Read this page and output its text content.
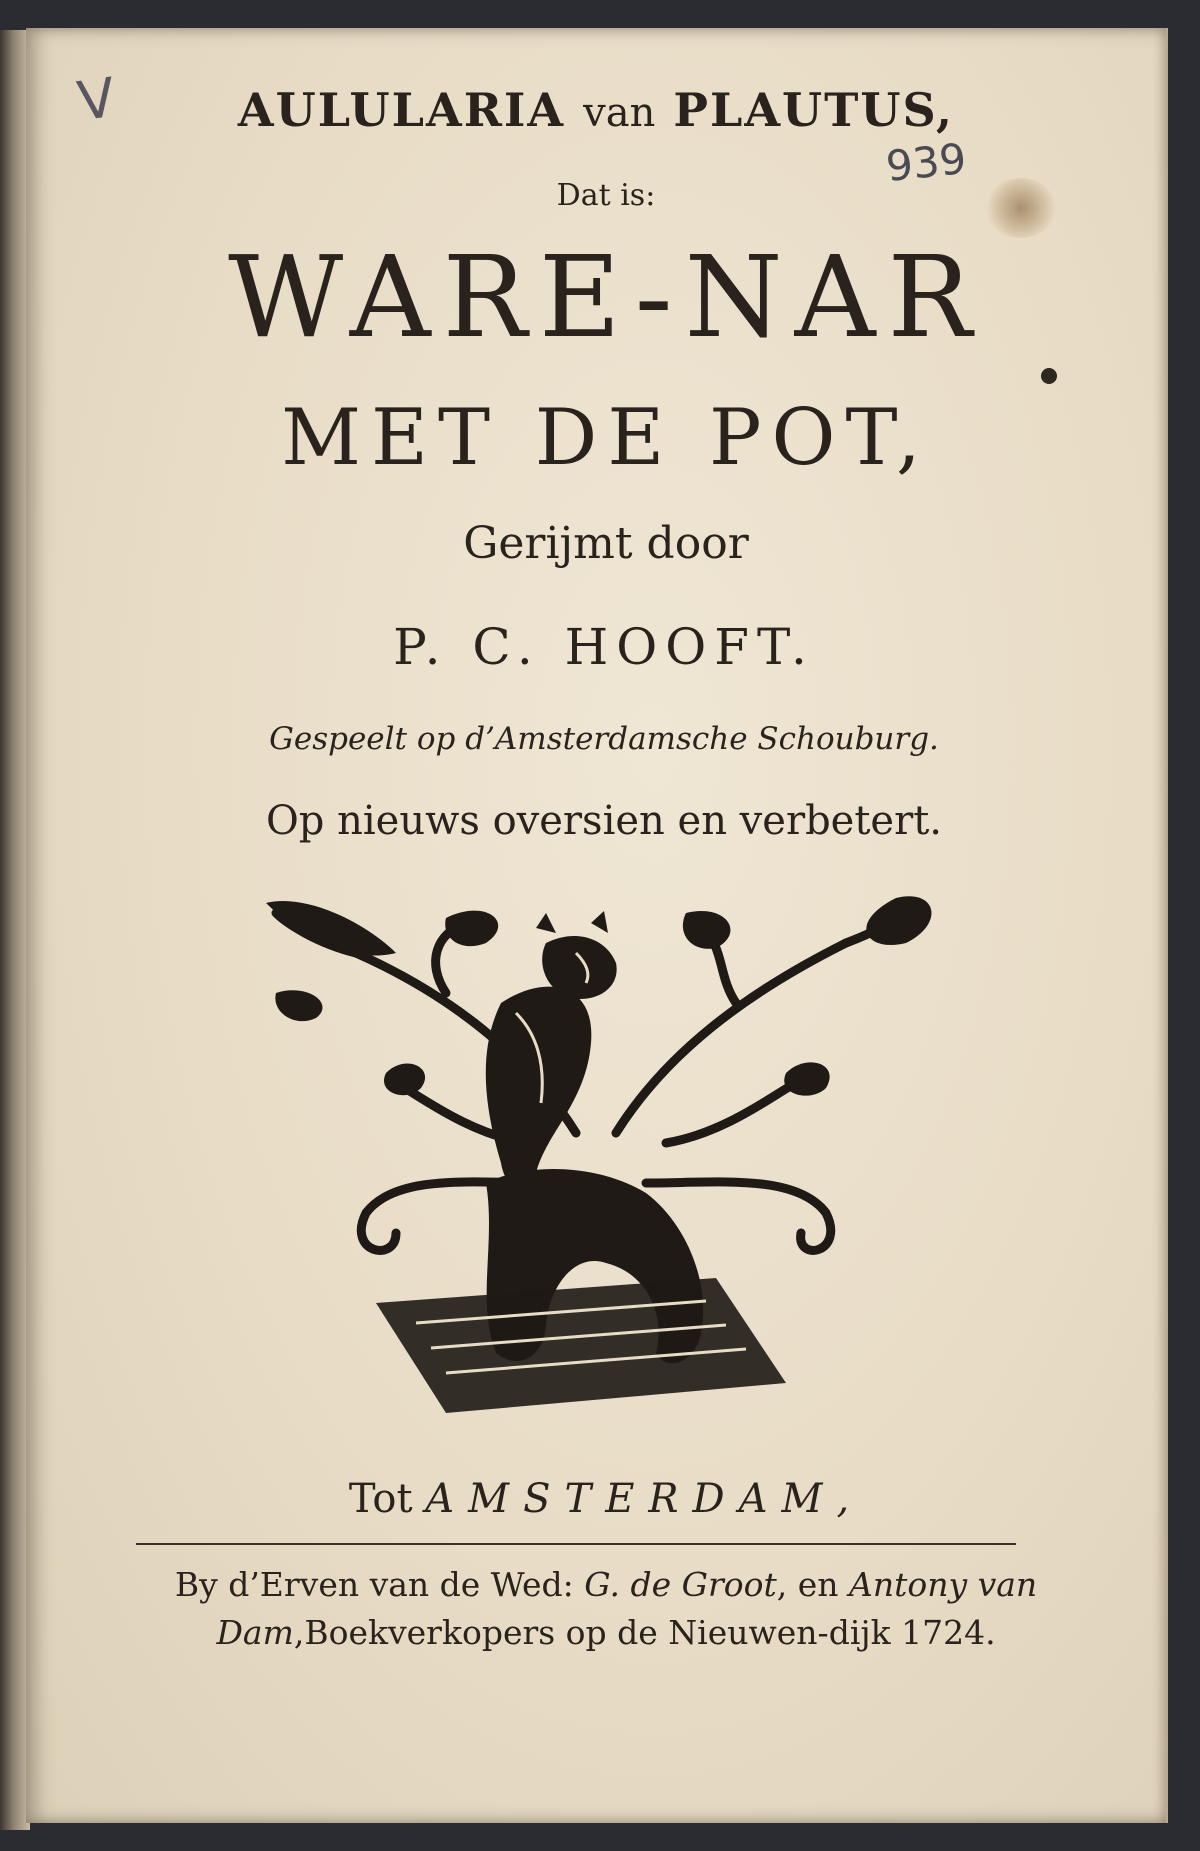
V
939
AULULARIA van PLAUTUS,
Dat is:
WARE-NAR
MET DE POT,
Gerijmt door
P. C. HOOFT.
Gespeelt op d’Amsterdamsche Schouburg.
Op nieuws oversien en verbetert.
Tot AMSTERDAM,
By d’Erven van de Wed: G. de Groot, en Antony van
Dam,Boekverkopers op de Nieuwen-dijk 1724.
